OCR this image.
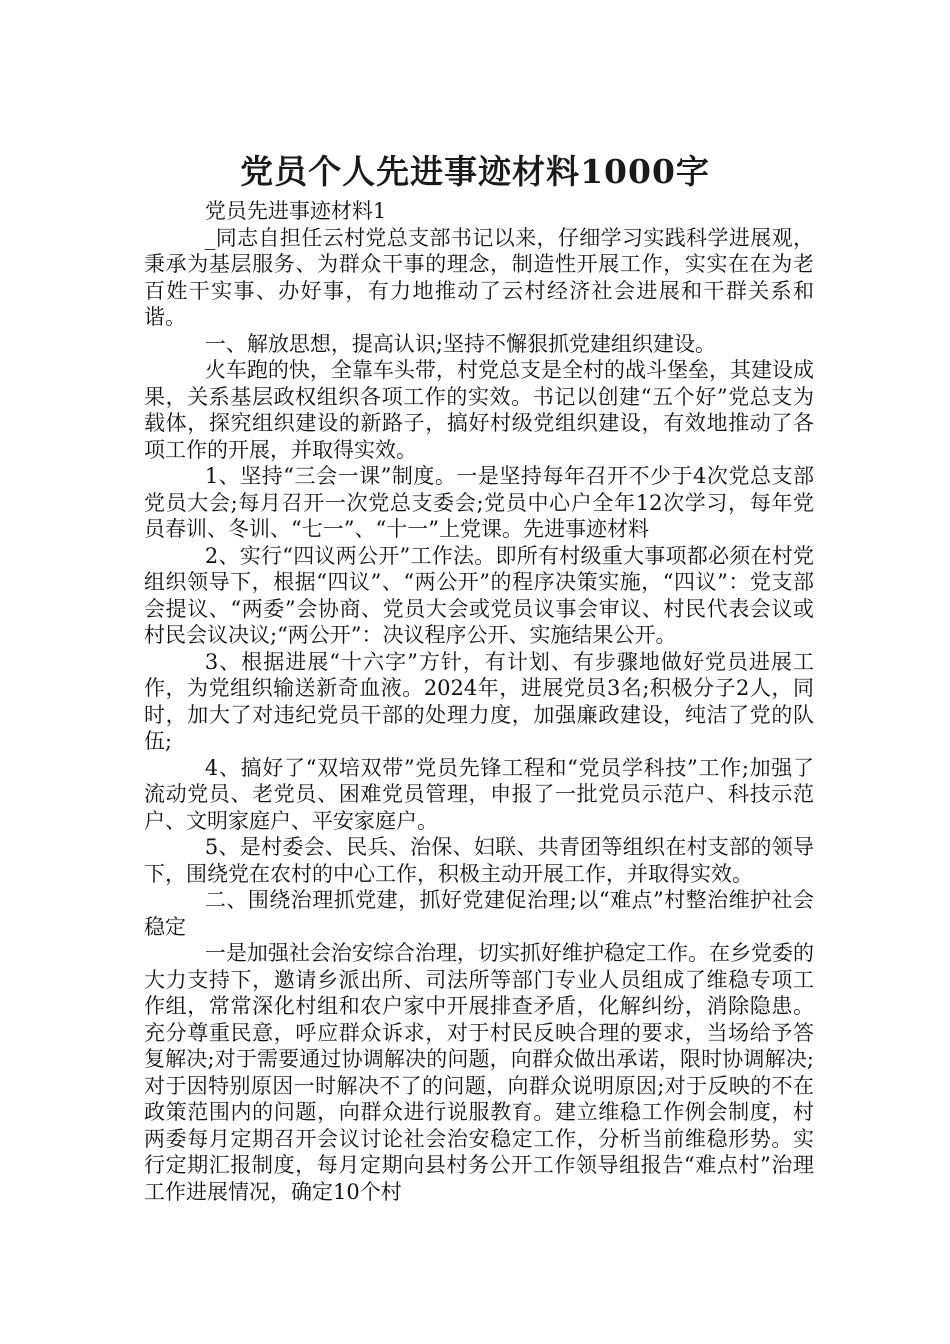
党员个人先进事迹材料1000字

党员先进事迹材料1

_同志自担任云村党总支部书记以来，仔细学习实践科学进展观，秉承为基层服务、为群众干事的理念，制造性开展工作，实实在在为老百姓干实事、办好事，有力地推动了云村经济社会进展和干群关系和谐。

一、解放思想，提高认识;坚持不懈狠抓党建组织建设。

火车跑的快，全靠车头带，村党总支是全村的战斗堡垒，其建设成果，关系基层政权组织各项工作的实效。书记以创建“五个好”党总支为载体，探究组织建设的新路子，搞好村级党组织建设，有效地推动了各项工作的开展，并取得实效。

1、坚持“三会一课”制度。一是坚持每年召开不少于4次党总支部党员大会;每月召开一次党总支委会;党员中心户全年12次学习，每年党员春训、冬训、“七一”、“十一”上党课。先进事迹材料

2、实行“四议两公开”工作法。即所有村级重大事项都必须在村党组织领导下，根据“四议”、“两公开”的程序决策实施，“四议”：党支部会提议、“两委”会协商、党员大会或党员议事会审议、村民代表会议或村民会议决议;“两公开”：决议程序公开、实施结果公开。

3、根据进展“十六字”方针，有计划、有步骤地做好党员进展工作，为党组织输送新奇血液。2024年，进展党员3名;积极分子2人，同时，加大了对违纪党员干部的处理力度，加强廉政建设，纯洁了党的队伍;

4、搞好了“双培双带”党员先锋工程和“党员学科技”工作;加强了流动党员、老党员、困难党员管理，申报了一批党员示范户、科技示范户、文明家庭户、平安家庭户。

5、是村委会、民兵、治保、妇联、共青团等组织在村支部的领导下，围绕党在农村的中心工作，积极主动开展工作，并取得实效。

二、围绕治理抓党建，抓好党建促治理;以“难点”村整治维护社会稳定

一是加强社会治安综合治理，切实抓好维护稳定工作。在乡党委的大力支持下，邀请乡派出所、司法所等部门专业人员组成了维稳专项工作组，常常深化村组和农户家中开展排查矛盾，化解纠纷，消除隐患。充分尊重民意，呼应群众诉求，对于村民反映合理的要求，当场给予答复解决;对于需要通过协调解决的问题，向群众做出承诺，限时协调解决;对于因特别原因一时解决不了的问题，向群众说明原因;对于反映的不在政策范围内的问题，向群众进行说服教育。建立维稳工作例会制度，村两委每月定期召开会议讨论社会治安稳定工作，分析当前维稳形势。实行定期汇报制度，每月定期向县村务公开工作领导组报告“难点村”治理工作进展情况，确定10个村
